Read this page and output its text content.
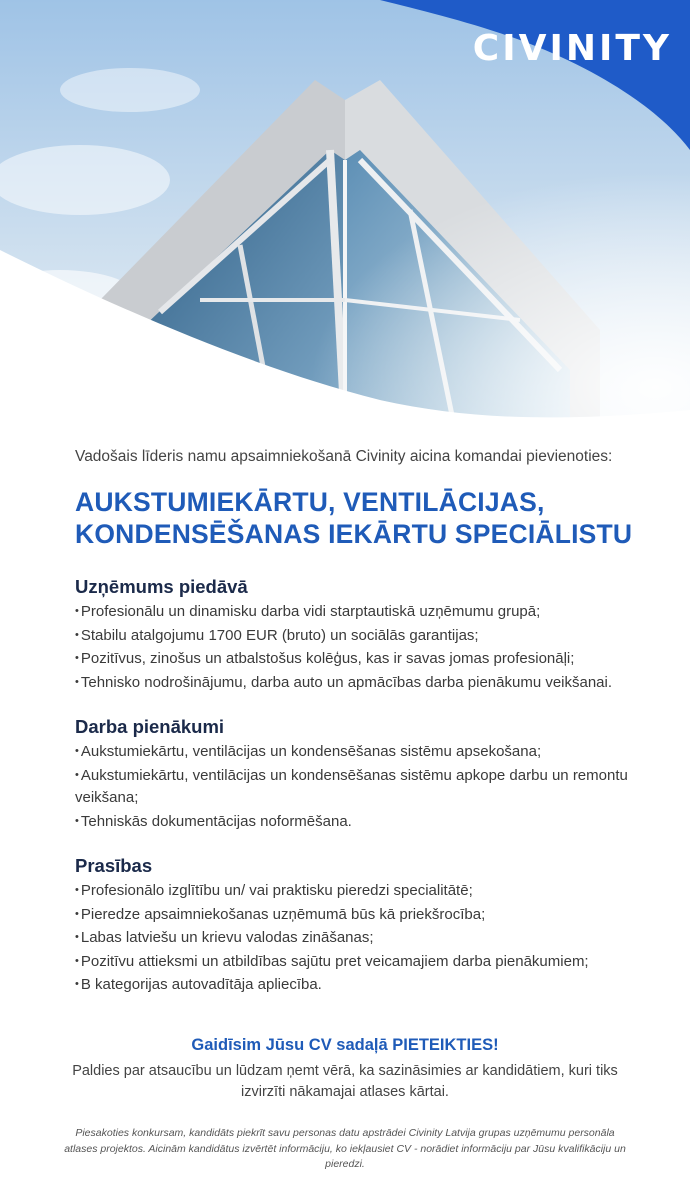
CIVINITY

Vadošais līderis namu apsaimniekošanā Civinity aicina komandai pievienoties:

AUKSTUMIEKĀRTU, VENTILĀCIJAS, KONDENSĒŠANAS IEKĀRTU SPECIĀLISTU
Uzņēmums piedāvā
• Profesionālu un dinamisku darba vidi starptautiskā uzņēmumu grupā;
• Stabilu atalgojumu 1700 EUR (bruto) un sociālās garantijas;
• Pozitīvus, zinošus un atbalstošus kolēģus, kas ir savas jomas profesionāļi;
• Tehnisko nodrošinājumu, darba auto un apmācības darba pienākumu veikšanai.
Darba pienākumi
• Aukstumiekārtu, ventilācijas un kondensēšanas sistēmu apsekošana;
• Aukstumiekārtu, ventilācijas un kondensēšanas sistēmu apkope darbu un remontu veikšana;
• Tehniskās dokumentācijas noformēšana.
Prasības
• Profesionālo izglītību un/ vai praktisku pieredzi specialitātē;
• Pieredze apsaimniekošanas uzņēmumā būs kā priekšrocība;
• Labas latviešu un krievu valodas zināšanas;
• Pozitīvu attieksmi un atbildības sajūtu pret veicamajiem darba pienākumiem;
• B kategorijas autovadītāja apliecība.
Gaidīsim Jūsu CV sadaļā PIETEIKTIES!

Paldies par atsaucību un lūdzam ņemt vērā, ka sazināsimies ar kandidātiem, kuri tiks izvirzīti nākamajai atlases kārtai.

Piesakoties konkursam, kandidāts piekrīt savu personas datu apstrādei Civinity Latvija grupas uzņēmumu personāla atlases projektos. Aicinām kandidātus izvērtēt informāciju, ko iekļausiet CV - norādiet informāciju par Jūsu kvalifikāciju un pieredzi.
